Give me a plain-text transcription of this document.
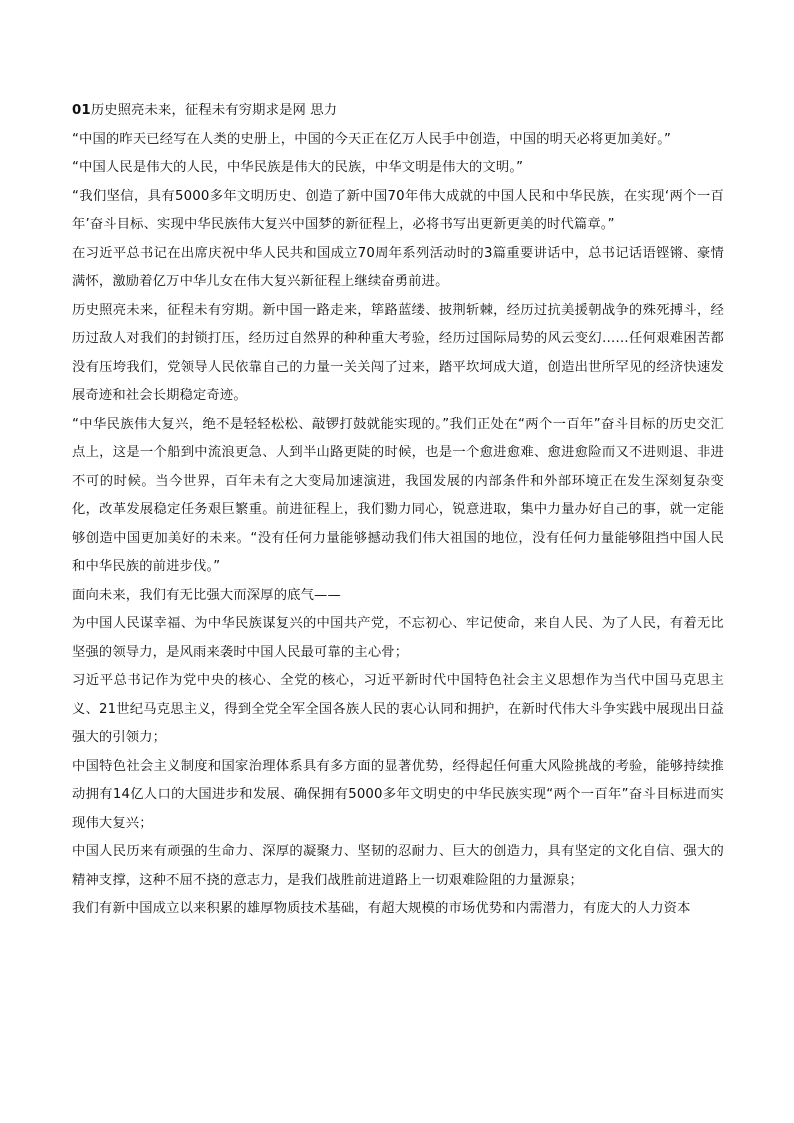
01历史照亮未来，征程未有穷期求是网 思力

“中国的昨天已经写在人类的史册上，中国的今天正在亿万人民手中创造，中国的明天必将更加美好。”

“中国人民是伟大的人民，中华民族是伟大的民族，中华文明是伟大的文明。”

“我们坚信，具有5000多年文明历史、创造了新中国70年伟大成就的中国人民和中华民族，在实现‘两个一百年’奋斗目标、实现中华民族伟大复兴中国梦的新征程上，必将书写出更新更美的时代篇章。”

在习近平总书记在出席庆祝中华人民共和国成立70周年系列活动时的3篇重要讲话中，总书记话语铿锵、豪情满怀，激励着亿万中华儿女在伟大复兴新征程上继续奋勇前进。

历史照亮未来，征程未有穷期。新中国一路走来，筚路蓝缕、披荆斩棘，经历过抗美援朝战争的殊死搏斗，经历过敌人对我们的封锁打压，经历过自然界的种种重大考验，经历过国际局势的风云变幻……任何艰难困苦都没有压垮我们，党领导人民依靠自己的力量一关关闯了过来，踏平坎坷成大道，创造出世所罕见的经济快速发展奇迹和社会长期稳定奇迹。

“中华民族伟大复兴，绝不是轻轻松松、敲锣打鼓就能实现的。”我们正处在“两个一百年”奋斗目标的历史交汇点上，这是一个船到中流浪更急、人到半山路更陡的时候，也是一个愈进愈难、愈进愈险而又不进则退、非进不可的时候。当今世界，百年未有之大变局加速演进，我国发展的内部条件和外部环境正在发生深刻复杂变化，改革发展稳定任务艰巨繁重。前进征程上，我们勠力同心，锐意进取，集中力量办好自己的事，就一定能够创造中国更加美好的未来。“没有任何力量能够撼动我们伟大祖国的地位，没有任何力量能够阻挡中国人民和中华民族的前进步伐。”

面向未来，我们有无比强大而深厚的底气——

为中国人民谋幸福、为中华民族谋复兴的中国共产党，不忘初心、牢记使命，来自人民、为了人民，有着无比坚强的领导力，是风雨来袭时中国人民最可靠的主心骨；

习近平总书记作为党中央的核心、全党的核心，习近平新时代中国特色社会主义思想作为当代中国马克思主义、21世纪马克思主义，得到全党全军全国各族人民的衷心认同和拥护，在新时代伟大斗争实践中展现出日益强大的引领力；

中国特色社会主义制度和国家治理体系具有多方面的显著优势，经得起任何重大风险挑战的考验，能够持续推动拥有14亿人口的大国进步和发展、确保拥有5000多年文明史的中华民族实现“两个一百年”奋斗目标进而实现伟大复兴；

中国人民历来有顽强的生命力、深厚的凝聚力、坚韧的忍耐力、巨大的创造力，具有坚定的文化自信、强大的精神支撑，这种不屈不挠的意志力，是我们战胜前进道路上一切艰难险阻的力量源泉；

我们有新中国成立以来积累的雄厚物质技术基础，有超大规模的市场优势和内需潜力，有庞大的人力资本
